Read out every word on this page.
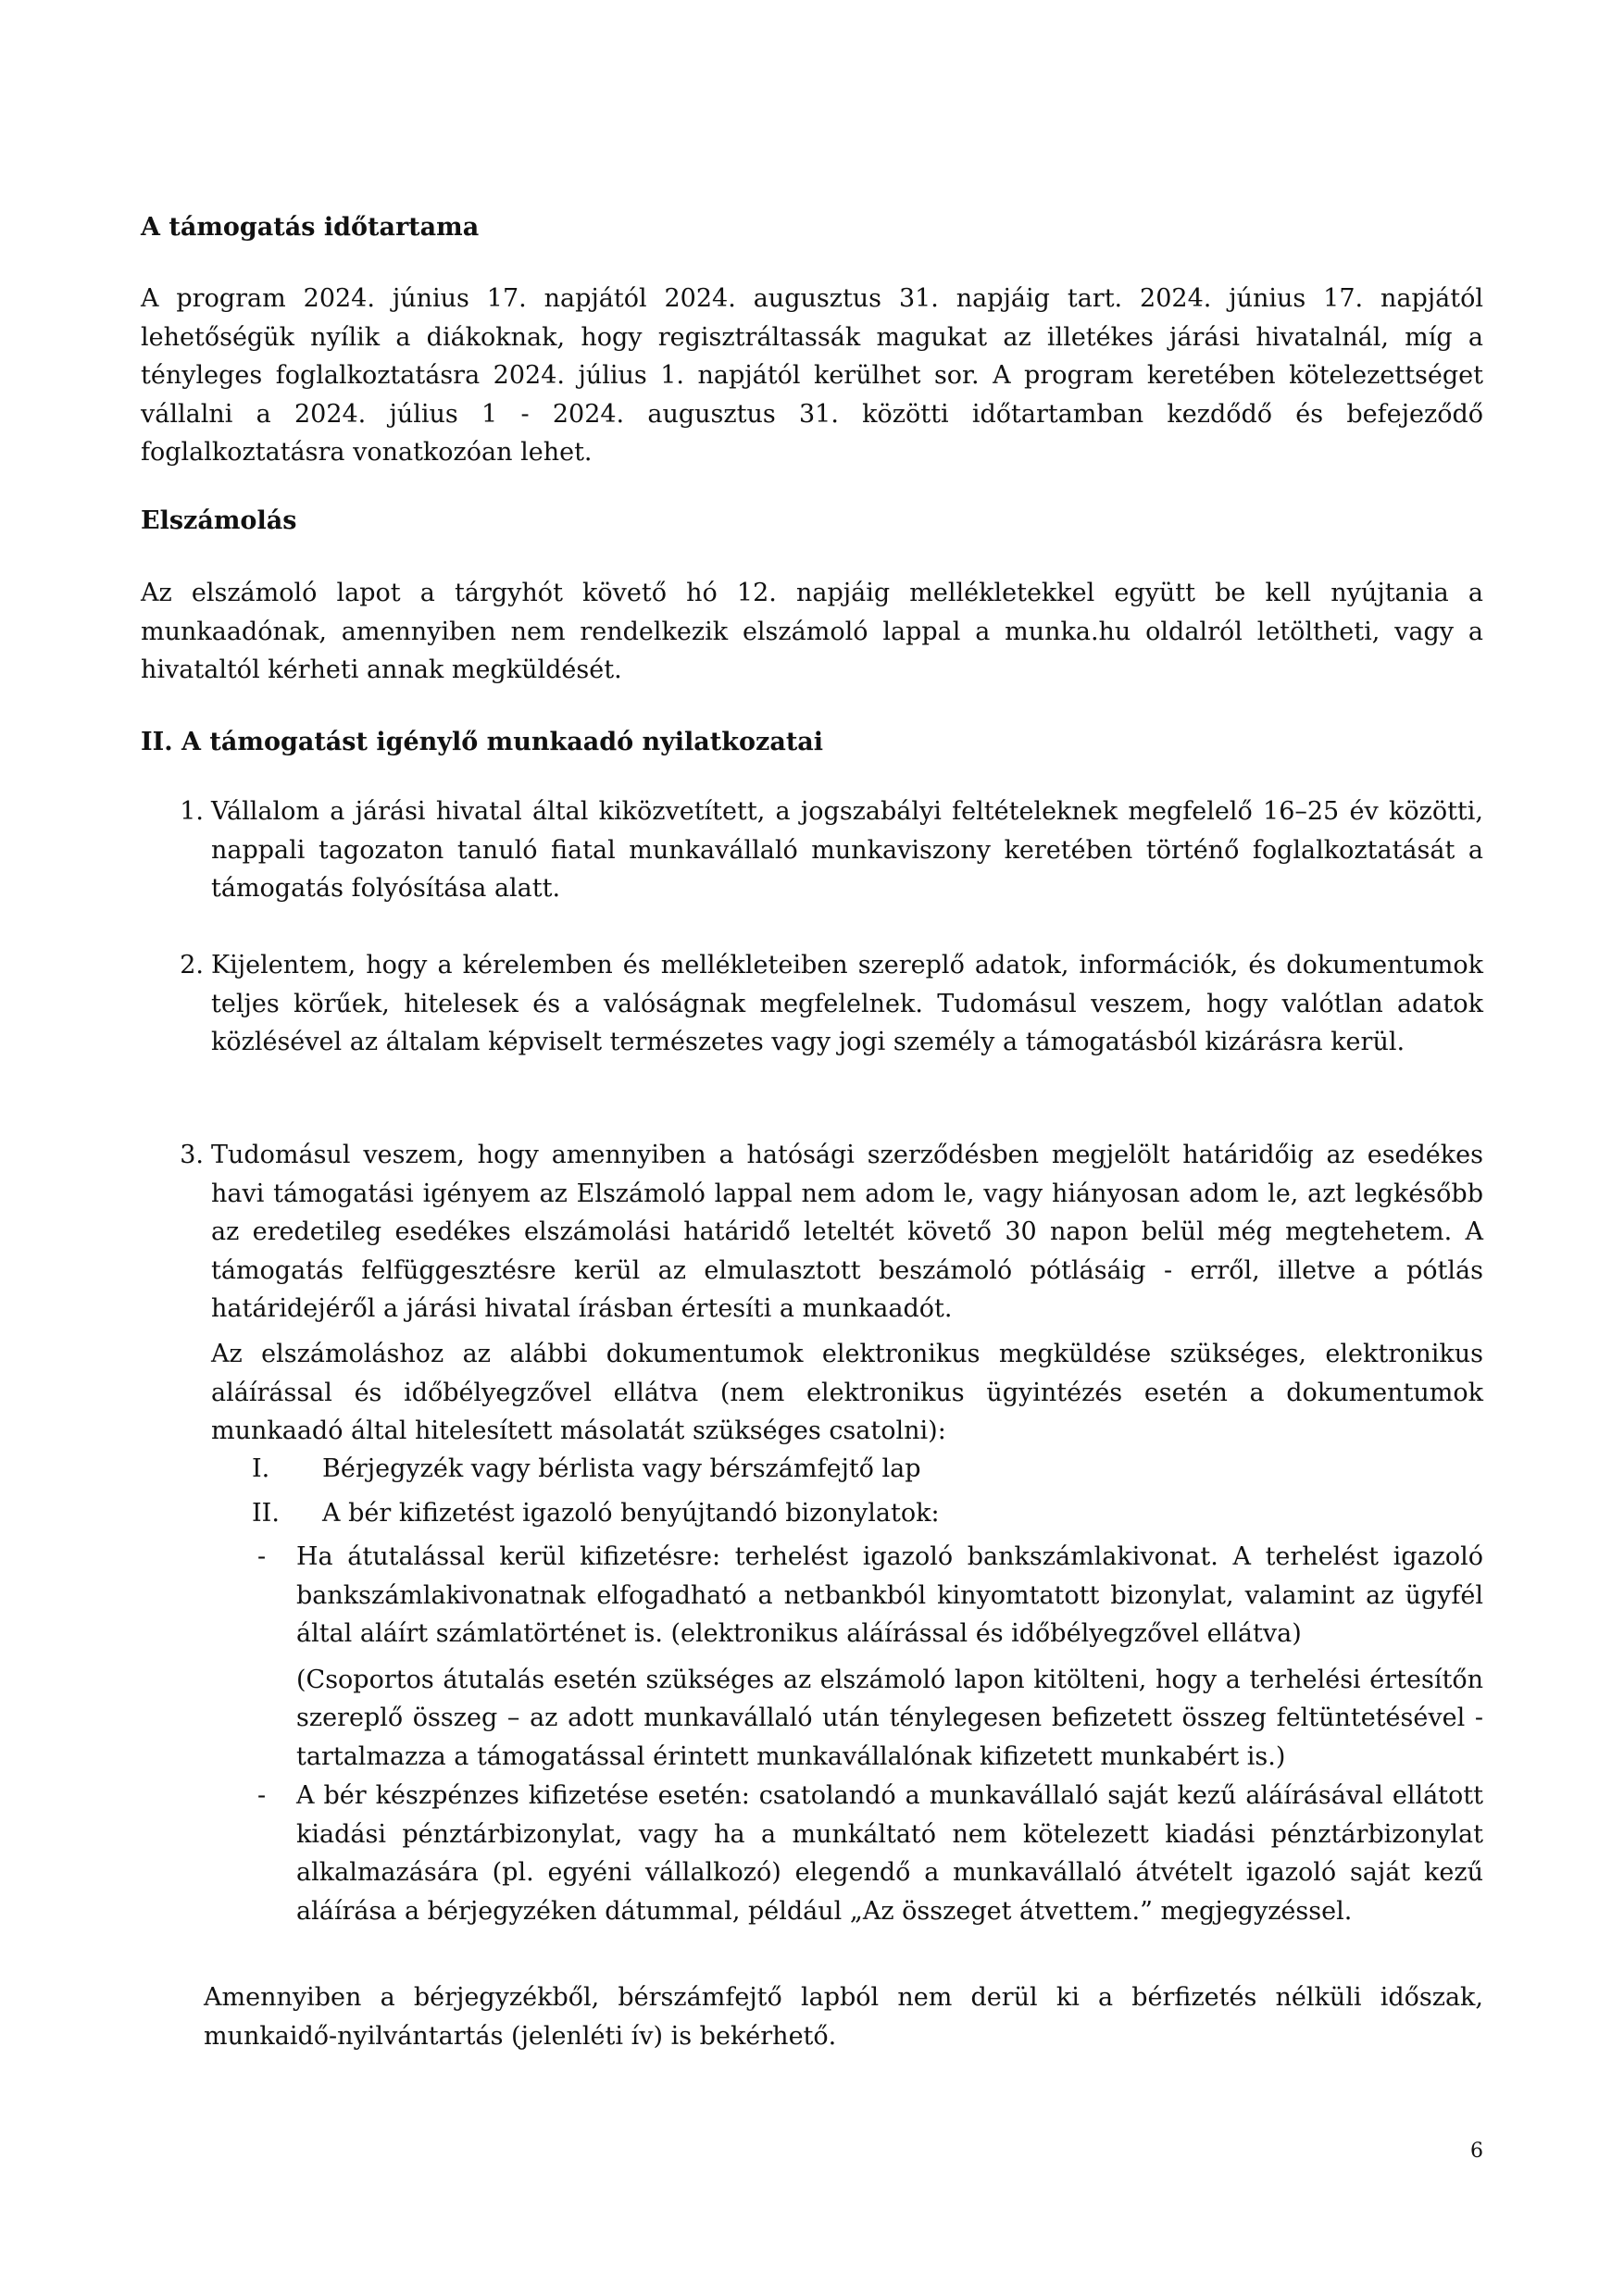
A támogatás időtartama

A program 2024. június 17. napjától 2024. augusztus 31. napjáig tart. 2024. június 17. napjától lehetőségük nyílik a diákoknak, hogy regisztráltassák magukat az illetékes járási hivatalnál, míg a tényleges foglalkoztatásra 2024. július 1. napjától kerülhet sor. A program keretében kötelezettséget vállalni a 2024. július 1 - 2024. augusztus 31. közötti időtartamban kezdődő és befejeződő foglalkoztatásra vonatkozóan lehet.

Elszámolás

Az elszámoló lapot a tárgyhót követő hó 12. napjáig mellékletekkel együtt be kell nyújtania a munkaadónak, amennyiben nem rendelkezik elszámoló lappal a munka.hu oldalról letöltheti, vagy a hivataltól kérheti annak megküldését.

II. A támogatást igénylő munkaadó nyilatkozatai
1. Vállalom a járási hivatal által kiközvetített, a jogszabályi feltételeknek megfelelő 16–25 év közötti, nappali tagozaton tanuló fiatal munkavállaló munkaviszony keretében történő foglalkoztatását a támogatás folyósítása alatt.

2. Kijelentem, hogy a kérelemben és mellékleteiben szereplő adatok, információk, és dokumentumok teljes körűek, hitelesek és a valóságnak megfelelnek. Tudomásul veszem, hogy valótlan adatok közlésével az általam képviselt természetes vagy jogi személy a támogatásból kizárásra kerül.

3. Tudomásul veszem, hogy amennyiben a hatósági szerződésben megjelölt határidőig az esedékes havi támogatási igényem az Elszámoló lappal nem adom le, vagy hiányosan adom le, azt legkésőbb az eredetileg esedékes elszámolási határidő leteltét követő 30 napon belül még megtehetem. A támogatás felfüggesztésre kerül az elmulasztott beszámoló pótlásáig - erről, illetve a pótlás határidejéről a járási hivatal írásban értesíti a munkaadót.

Az elszámoláshoz az alábbi dokumentumok elektronikus megküldése szükséges, elektronikus aláírással és időbélyegzővel ellátva (nem elektronikus ügyintézés esetén a dokumentumok munkaadó által hitelesített másolatát szükséges csatolni):

I. Bérjegyzék vagy bérlista vagy bérszámfejtő lap
II. A bér kifizetést igazoló benyújtandó bizonylatok:
- Ha átutalással kerül kifizetésre: terhelést igazoló bankszámlakivonat. A terhelést igazoló bankszámlakivonatnak elfogadható a netbankból kinyomtatott bizonylat, valamint az ügyfél által aláírt számlatörténet is. (elektronikus aláírással és időbélyegzővel ellátva)

(Csoportos átutalás esetén szükséges az elszámoló lapon kitölteni, hogy a terhelési értesítőn szereplő összeg – az adott munkavállaló után ténylegesen befizetett összeg feltüntetésével - tartalmazza a támogatással érintett munkavállalónak kifizetett munkabért is.)

- A bér készpénzes kifizetése esetén: csatolandó a munkavállaló saját kezű aláírásával ellátott kiadási pénztárbizonylat, vagy ha a munkáltató nem kötelezett kiadási pénztárbizonylat alkalmazására (pl. egyéni vállalkozó) elegendő a munkavállaló átvételt igazoló saját kezű aláírása a bérjegyzéken dátummal, például „Az összeget átvettem.” megjegyzéssel.

Amennyiben a bérjegyzékből, bérszámfejtő lapból nem derül ki a bérfizetés nélküli időszak, munkaidő-nyilvántartás (jelenléti ív) is bekérhető.

6
